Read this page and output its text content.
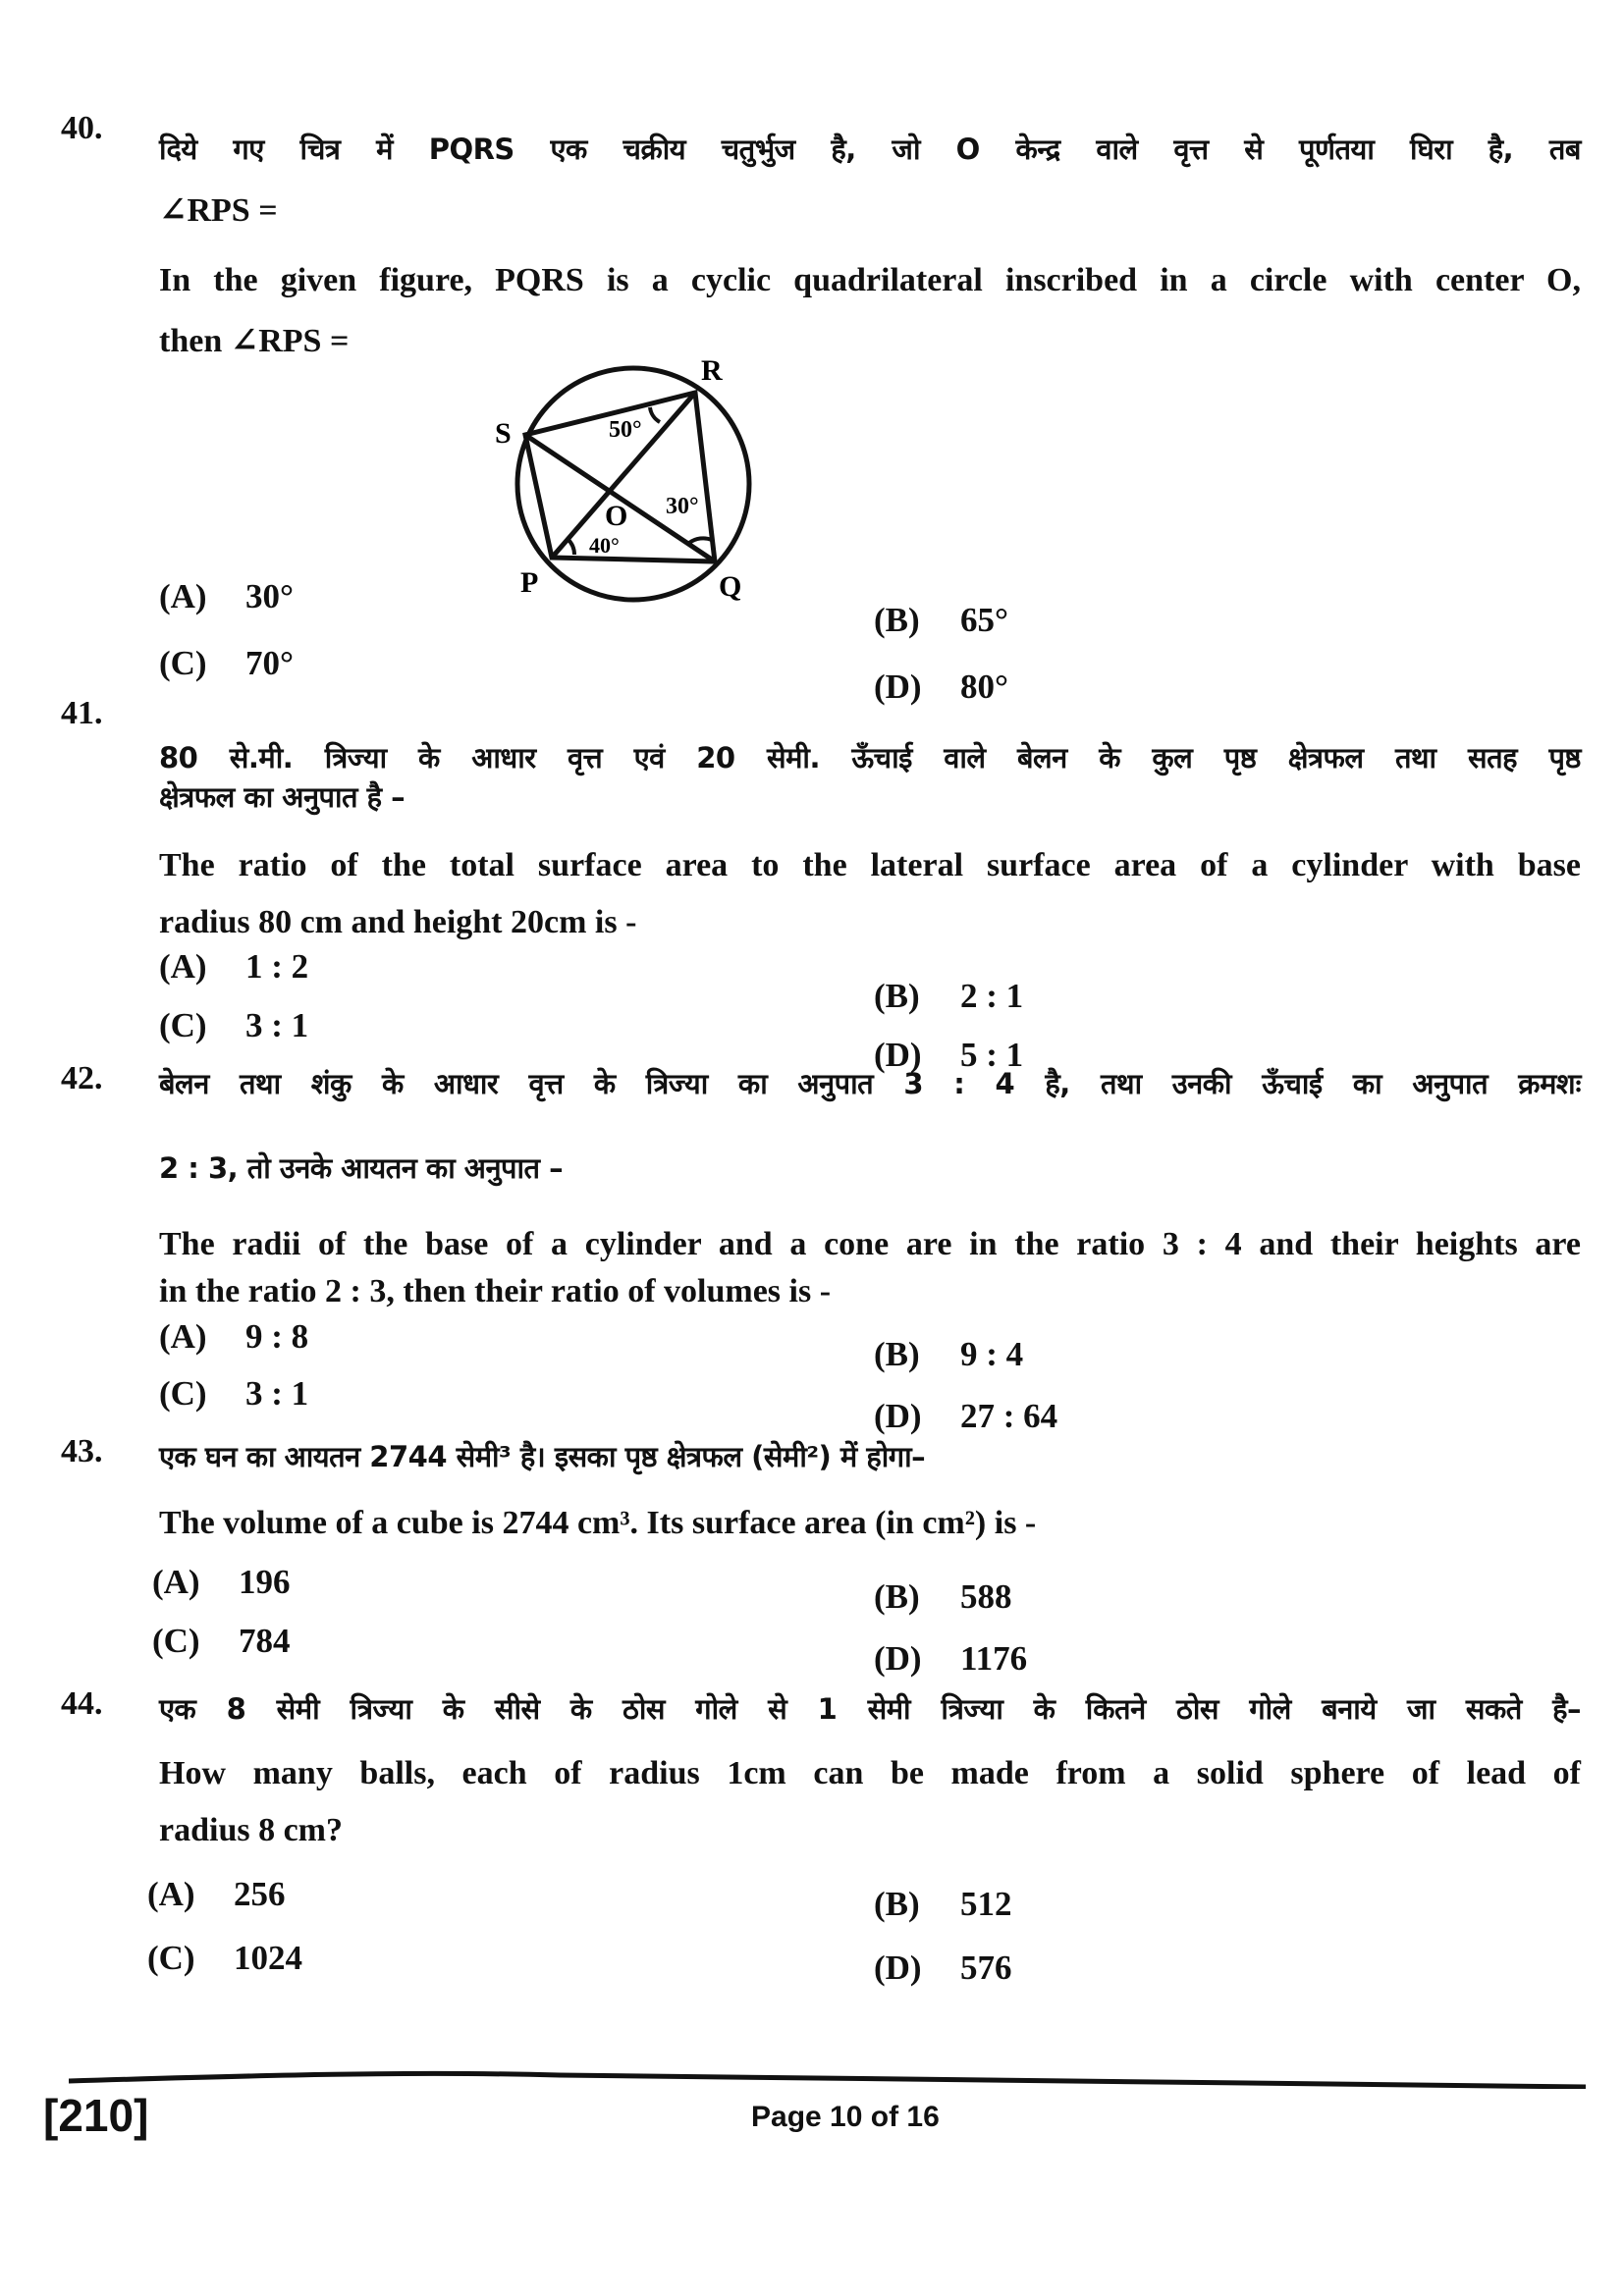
40.
दिये गए चित्र में PQRS एक चक्रीय चतुर्भुज है, जो O केन्द्र वाले वृत्त से पूर्णतया घिरा है, तब
∠RPS =
In the given figure, PQRS is a cyclic quadrilateral inscribed in a circle with center O,
then ∠RPS =
S
R
P	Q
O
50°
30°
40°
(A) 30°
(B) 65°
(C) 70°
(D) 80°
41.
80 से.मी. त्रिज्या के आधार वृत्त एवं 20 सेमी. ऊँचाई वाले बेलन के कुल पृष्ठ क्षेत्रफल तथा सतह पृष्ठ
क्षेत्रफल का अनुपात है –
The ratio of the total surface area to the lateral surface area of a cylinder with base
radius 80 cm and height 20cm is -
(A) 1 : 2
(B) 2 : 1
(C) 3 : 1
(D) 5 : 1
42. बेलन तथा शंकु के आधार वृत्त के त्रिज्या का अनुपात 3 : 4 है, तथा उनकी ऊँचाई का अनुपात क्रमशः
2 : 3, तो उनके आयतन का अनुपात –
The radii of the base of a cylinder and a cone are in the ratio 3 : 4 and their heights are
in the ratio 2 : 3, then their ratio of volumes is -
(A) 9 : 8	(B) 9 : 4
(C) 3 : 1
(D) 27 : 64
43. एक घन का आयतन 2744 सेमी³ है। इसका पृष्ठ क्षेत्रफल (सेमी²) में होगा–
The volume of a cube is 2744 cm³. Its surface area (in cm²) is -
(A) 196	(B) 588
(C) 784	(D) 1176
44. एक 8 सेमी त्रिज्या के सीसे के ठोस गोले से 1 सेमी त्रिज्या के कितने ठोस गोले बनाये जा सकते है–
How many balls, each of radius 1cm can be made from a solid sphere of lead of
radius 8 cm?
(A) 256	(B) 512
(C) 1024	(D) 576
[210]	Page 10 of 16
